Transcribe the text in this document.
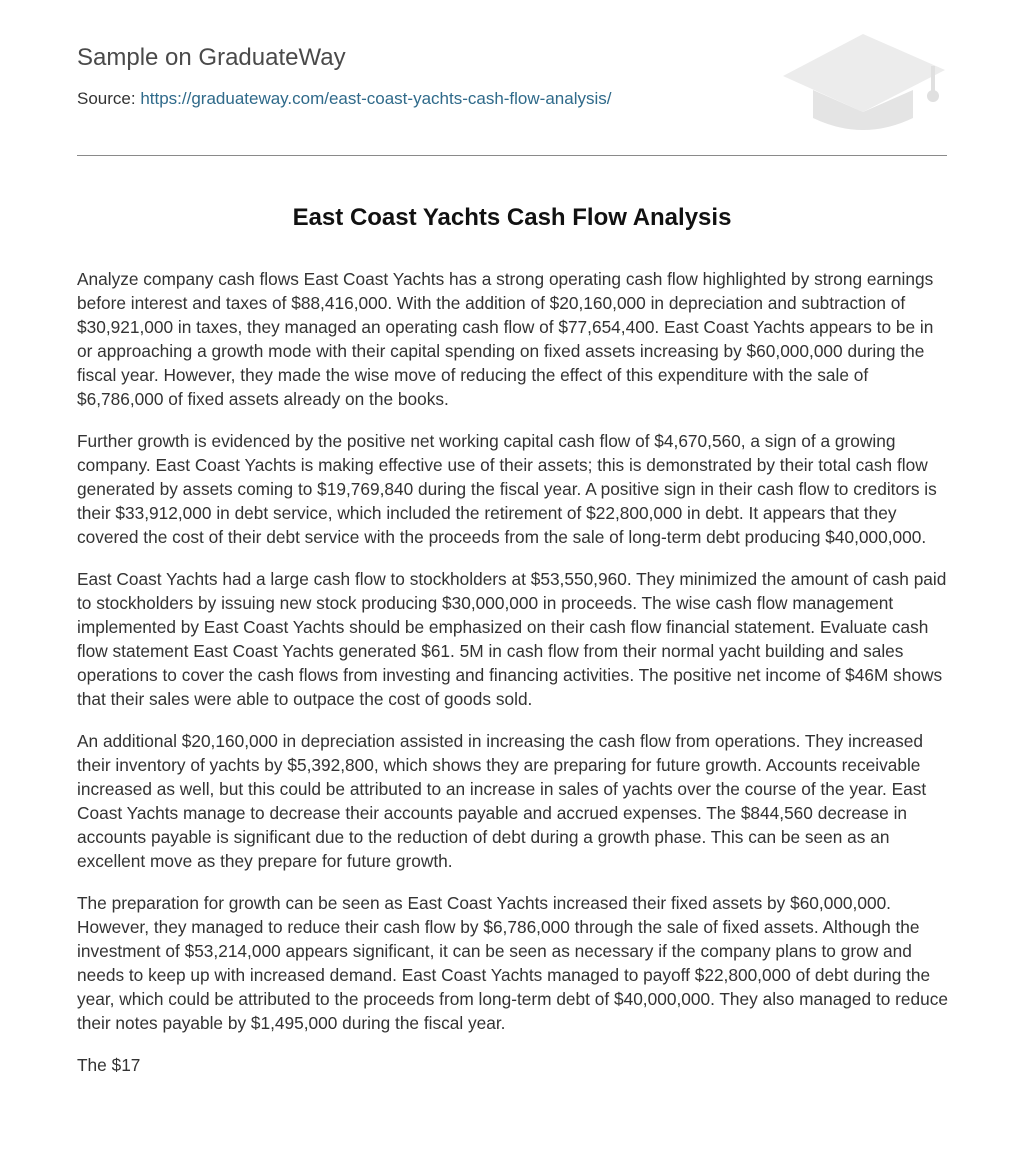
Sample on GraduateWay
Source: https://graduateway.com/east-coast-yachts-cash-flow-analysis/
East Coast Yachts Cash Flow Analysis

Analyze company cash flows East Coast Yachts has a strong operating cash flow highlighted by strong earnings before interest and taxes of $88,416,000. With the addition of $20,160,000 in depreciation and subtraction of $30,921,000 in taxes, they managed an operating cash flow of $77,654,400. East Coast Yachts appears to be in or approaching a growth mode with their capital spending on fixed assets increasing by $60,000,000 during the fiscal year. However, they made the wise move of reducing the effect of this expenditure with the sale of $6,786,000 of fixed assets already on the books.

Further growth is evidenced by the positive net working capital cash flow of $4,670,560, a sign of a growing company. East Coast Yachts is making effective use of their assets; this is demonstrated by their total cash flow generated by assets coming to $19,769,840 during the fiscal year. A positive sign in their cash flow to creditors is their $33,912,000 in debt service, which included the retirement of $22,800,000 in debt. It appears that they covered the cost of their debt service with the proceeds from the sale of long-term debt producing $40,000,000.

East Coast Yachts had a large cash flow to stockholders at $53,550,960. They minimized the amount of cash paid to stockholders by issuing new stock producing $30,000,000 in proceeds. The wise cash flow management implemented by East Coast Yachts should be emphasized on their cash flow financial statement. Evaluate cash flow statement East Coast Yachts generated $61. 5M in cash flow from their normal yacht building and sales operations to cover the cash flows from investing and financing activities. The positive net income of $46M shows that their sales were able to outpace the cost of goods sold.

An additional $20,160,000 in depreciation assisted in increasing the cash flow from operations. They increased their inventory of yachts by $5,392,800, which shows they are preparing for future growth. Accounts receivable increased as well, but this could be attributed to an increase in sales of yachts over the course of the year. East Coast Yachts manage to decrease their accounts payable and accrued expenses. The $844,560 decrease in accounts payable is significant due to the reduction of debt during a growth phase. This can be seen as an excellent move as they prepare for future growth.

The preparation for growth can be seen as East Coast Yachts increased their fixed assets by $60,000,000. However, they managed to reduce their cash flow by $6,786,000 through the sale of fixed assets. Although the investment of $53,214,000 appears significant, it can be seen as necessary if the company plans to grow and needs to keep up with increased demand. East Coast Yachts managed to payoff $22,800,000 of debt during the year, which could be attributed to the proceeds from long-term debt of $40,000,000. They also managed to reduce their notes payable by $1,495,000 during the fiscal year.

The $17
